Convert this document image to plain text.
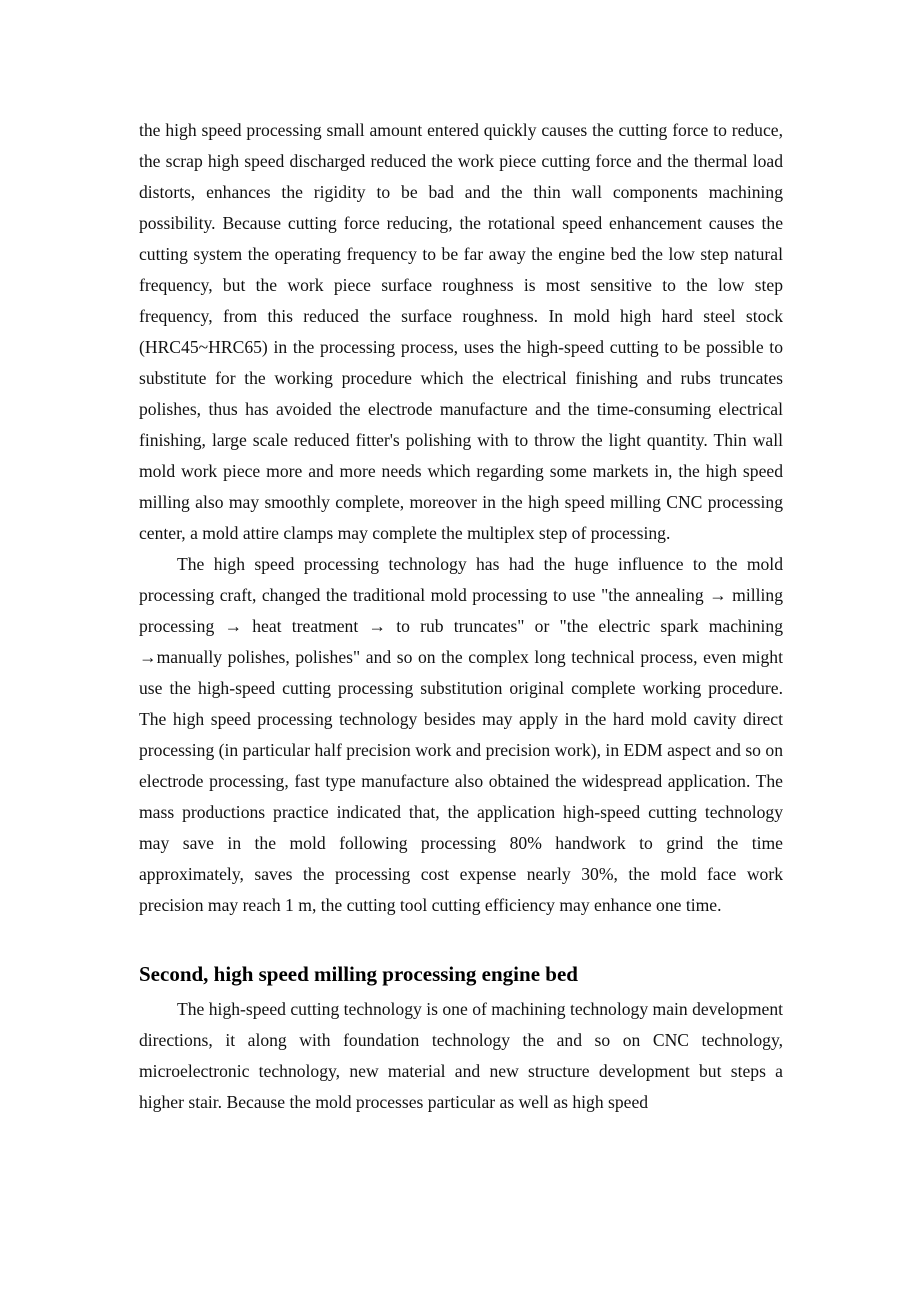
the high speed processing small amount entered quickly causes the cutting force to reduce, the scrap high speed discharged reduced the work piece cutting force and the thermal load distorts, enhances the rigidity to be bad and the thin wall components machining possibility. Because cutting force reducing, the rotational speed enhancement causes the cutting system the operating frequency to be far away the engine bed the low step natural frequency, but the work piece surface roughness is most sensitive to the low step frequency, from this reduced the surface roughness. In mold high hard steel stock (HRC45~HRC65) in the processing process, uses the high-speed cutting to be possible to substitute for the working procedure which the electrical finishing and rubs truncates polishes, thus has avoided the electrode manufacture and the time-consuming electrical finishing, large scale reduced fitter's polishing with to throw the light quantity. Thin wall mold work piece more and more needs which regarding some markets in, the high speed milling also may smoothly complete, moreover in the high speed milling CNC processing center, a mold attire clamps may complete the multiplex step of processing.

The high speed processing technology has had the huge influence to the mold processing craft, changed the traditional mold processing to use "the annealing → milling processing → heat treatment → to rub truncates" or "the electric spark machining →manually polishes, polishes" and so on the complex long technical process, even might use the high-speed cutting processing substitution original complete working procedure. The high speed processing technology besides may apply in the hard mold cavity direct processing (in particular half precision work and precision work), in EDM aspect and so on electrode processing, fast type manufacture also obtained the widespread application. The mass productions practice indicated that, the application high-speed cutting technology may save in the mold following processing 80% handwork to grind the time approximately, saves the processing cost expense nearly 30%, the mold face work precision may reach 1 m, the cutting tool cutting efficiency may enhance one time.

Second, high speed milling processing engine bed

The high-speed cutting technology is one of machining technology main development directions, it along with foundation technology the and so on CNC technology, microelectronic technology, new material and new structure development but steps a higher stair. Because the mold processes particular as well as high speed
